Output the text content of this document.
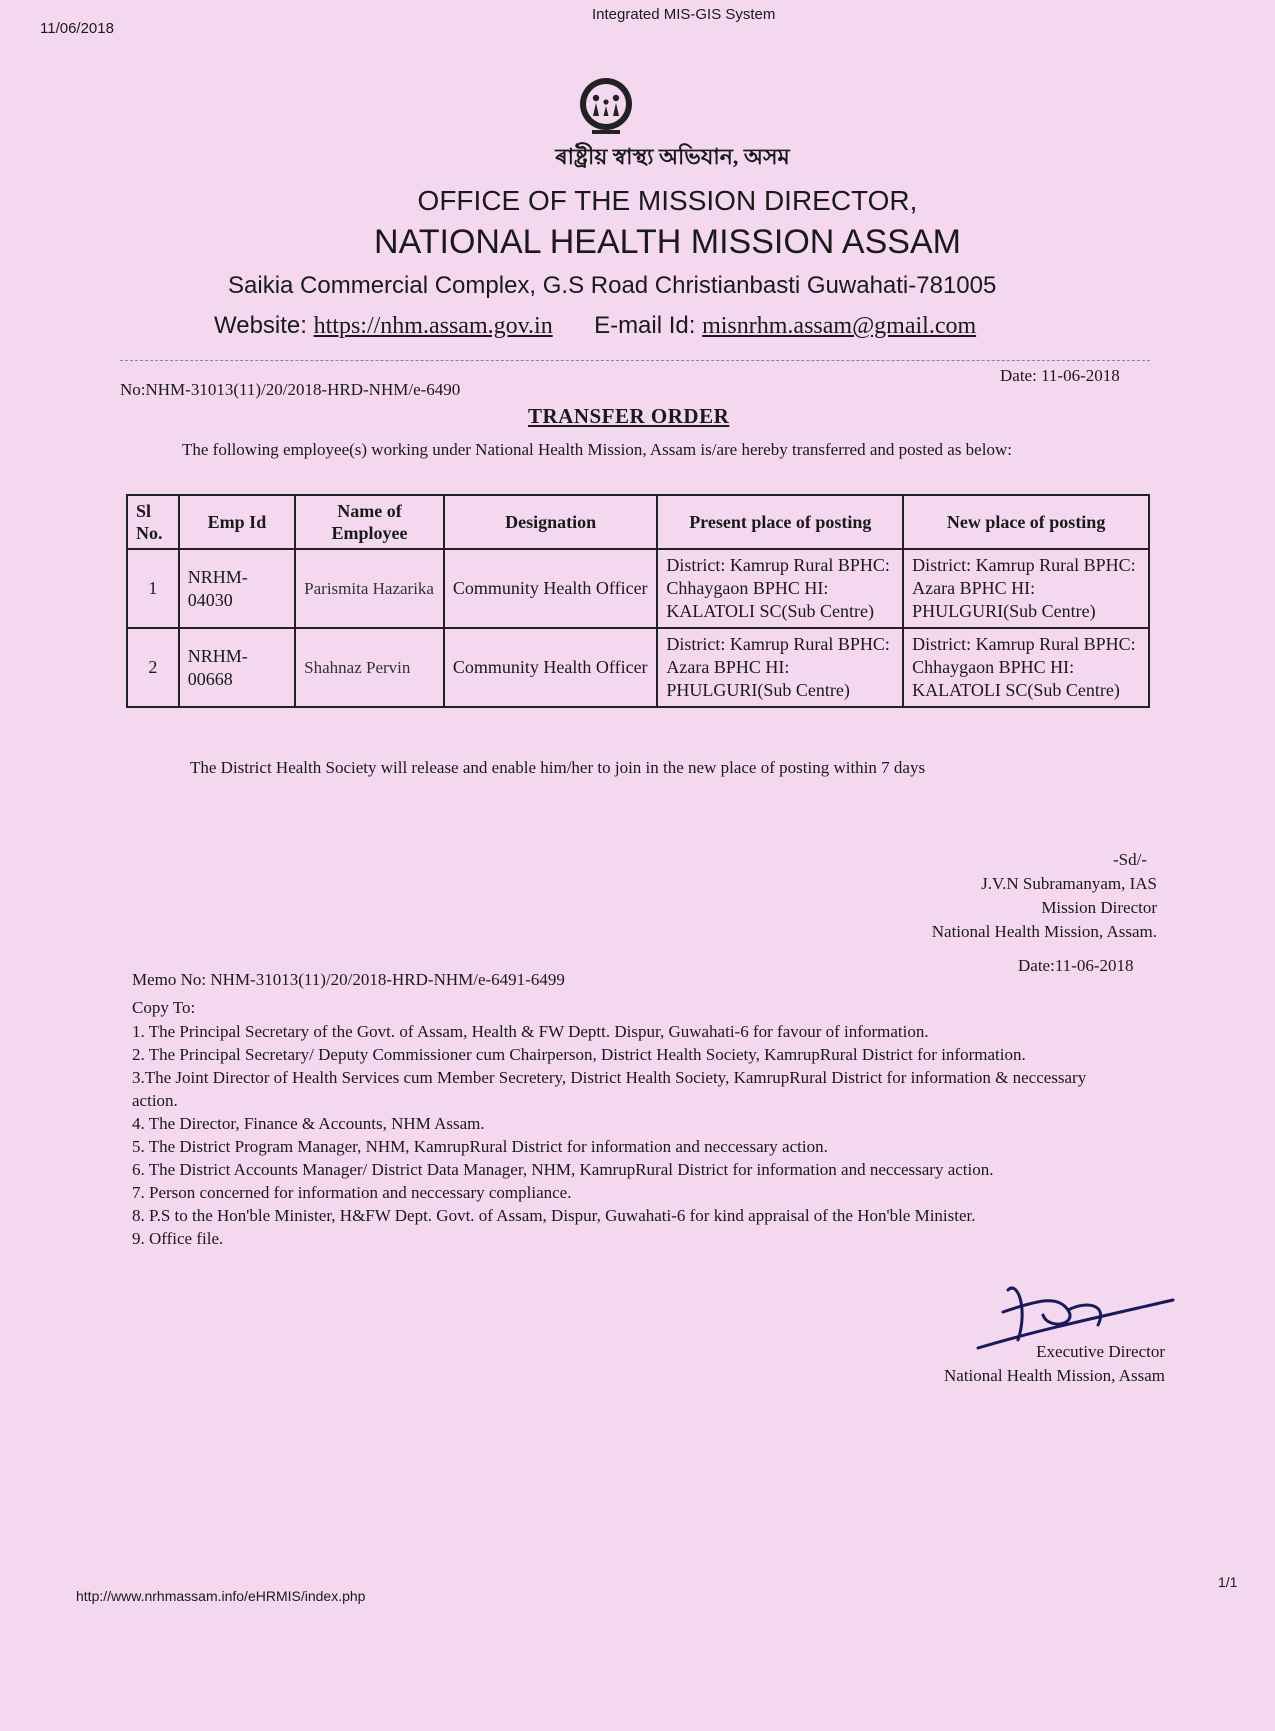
11/06/2018
Integrated MIS-GIS System
ৰাষ্ট্ৰীয় স্বাস্থ্য অভিযান, অসম
OFFICE OF THE MISSION DIRECTOR,
NATIONAL HEALTH MISSION ASSAM
Saikia Commercial Complex, G.S Road Christianbasti Guwahati-781005
Website: https://nhm.assam.gov.in E-mail Id: misnrhm.assam@gmail.com
No:NHM-31013(11)/20/2018-HRD-NHM/e-6490
Date: 11-06-2018
TRANSFER ORDER
The following employee(s) working under National Health Mission, Assam is/are hereby transferred and posted as below:
Sl No.	Emp Id	Name of Employee	Designation	Present place of posting	New place of posting
1	NRHM-04030	Parismita Hazarika	Community Health Officer	District: Kamrup Rural BPHC: Chhaygaon BPHC HI: KALATOLI SC(Sub Centre)	District: Kamrup Rural BPHC: Azara BPHC HI: PHULGURI(Sub Centre)
2	NRHM-00668	Shahnaz Pervin	Community Health Officer	District: Kamrup Rural BPHC: Azara BPHC HI: PHULGURI(Sub Centre)	District: Kamrup Rural BPHC: Chhaygaon BPHC HI: KALATOLI SC(Sub Centre)
The District Health Society will release and enable him/her to join in the new place of posting within 7 days
-Sd/-
J.V.N Subramanyam, IAS
Mission Director
National Health Mission, Assam.
Memo No: NHM-31013(11)/20/2018-HRD-NHM/e-6491-6499
Date:11-06-2018
Copy To:
1. The Principal Secretary of the Govt. of Assam, Health & FW Deptt. Dispur, Guwahati-6 for favour of information.
2. The Principal Secretary/ Deputy Commissioner cum Chairperson, District Health Society, KamrupRural District for information.
3.The Joint Director of Health Services cum Member Secretery, District Health Society, KamrupRural District for information & neccessary action.
4. The Director, Finance & Accounts, NHM Assam.
5. The District Program Manager, NHM, KamrupRural District for information and neccessary action.
6. The District Accounts Manager/ District Data Manager, NHM, KamrupRural District for information and neccessary action.
7. Person concerned for information and neccessary compliance.
8. P.S to the Hon'ble Minister, H&FW Dept. Govt. of Assam, Dispur, Guwahati-6 for kind appraisal of the Hon'ble Minister.
9. Office file.
Executive Director
National Health Mission, Assam
http://www.nrhmassam.info/eHRMIS/index.php
1/1
